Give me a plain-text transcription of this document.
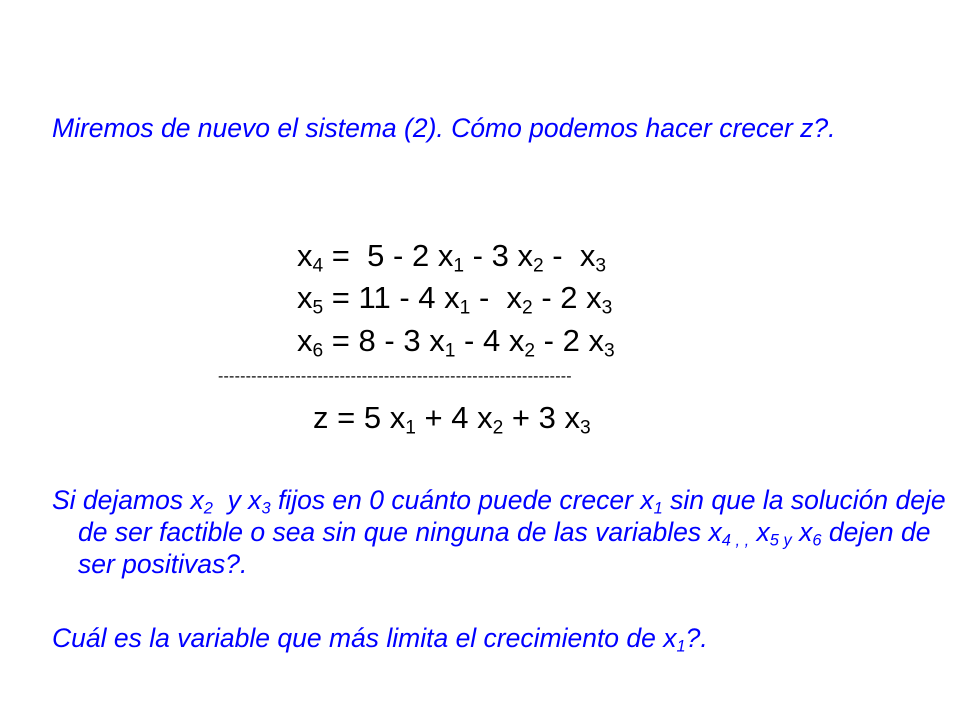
Miremos de nuevo el sistema (2). Cómo podemos hacer crecer z?.

$x_4 = 5 - 2$ $x_1 - 3$ $x_2 - x_3$
$x_5 = 11 - 4$ $x_1 - x_2 - 2$ $x_3$
$x_6 = 8 - 3$ $x_1 - 4$ $x_2 - 2$ $x_3$
----------------------------------------------------------------
z = 5 $x_1 + 4$ $x_2 + 3$ $x_3$

Si dejamos $x_2$  y $x_3$ fijos en 0 cuánto puede crecer $x_1$ sin que la solución deje de ser factible o sea sin que ninguna de las variables $x_{4 , ,}$ $x_{5 y}$ $x_6$ dejen de ser positivas?.

Cuál es la variable que más limita el crecimiento de $x_1$?.
